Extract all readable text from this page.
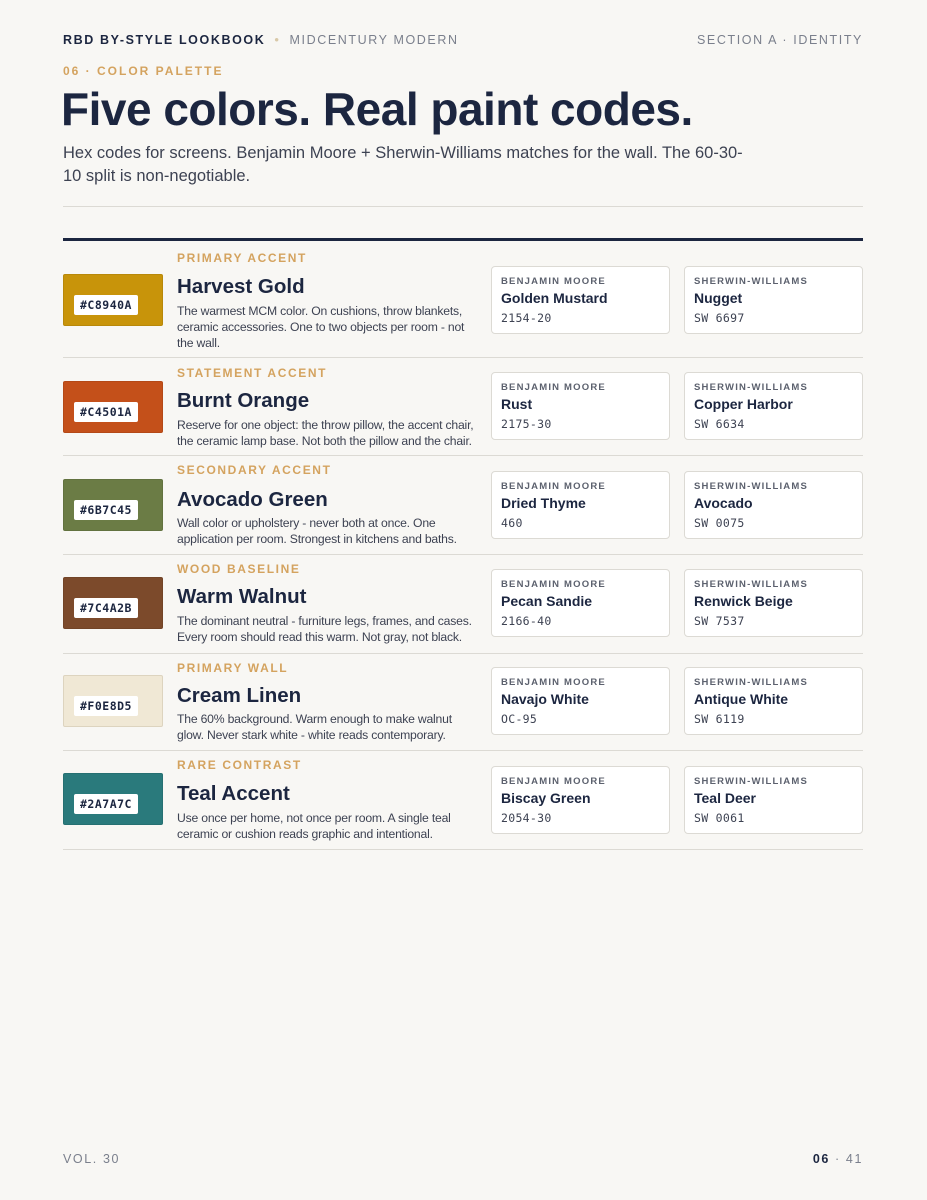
RBD BY-STYLE LOOKBOOK • MIDCENTURY MODERN	SECTION A · IDENTITY
06 · COLOR PALETTE
Five colors. Real paint codes.

Hex codes for screens. Benjamin Moore + Sherwin-Williams matches for the wall. The 60-30-10 split is non-negotiable.

#C8940A
PRIMARY ACCENT
Harvest Gold
The warmest MCM color. On cushions, throw blankets, ceramic accessories. One to two objects per room - not the wall.
BENJAMIN MOORE
Golden Mustard
2154-20
SHERWIN-WILLIAMS
Nugget
SW 6697
#C4501A
STATEMENT ACCENT
Burnt Orange
Reserve for one object: the throw pillow, the accent chair, the ceramic lamp base. Not both the pillow and the chair.
BENJAMIN MOORE
Rust
2175-30
SHERWIN-WILLIAMS
Copper Harbor
SW 6634
#6B7C45
SECONDARY ACCENT
Avocado Green
Wall color or upholstery - never both at once. One application per room. Strongest in kitchens and baths.
BENJAMIN MOORE
Dried Thyme
460
SHERWIN-WILLIAMS
Avocado
SW 0075
#7C4A2B
WOOD BASELINE
Warm Walnut
The dominant neutral - furniture legs, frames, and cases. Every room should read this warm. Not gray, not black.
BENJAMIN MOORE
Pecan Sandie
2166-40
SHERWIN-WILLIAMS
Renwick Beige
SW 7537
#F0E8D5
PRIMARY WALL
Cream Linen
The 60% background. Warm enough to make walnut glow. Never stark white - white reads contemporary.
BENJAMIN MOORE
Navajo White
OC-95
SHERWIN-WILLIAMS
Antique White
SW 6119
#2A7A7C
RARE CONTRAST
Teal Accent
Use once per home, not once per room. A single teal ceramic or cushion reads graphic and intentional.
BENJAMIN MOORE
Biscay Green
2054-30
SHERWIN-WILLIAMS
Teal Deer
SW 0061
VOL. 30	06 · 41
